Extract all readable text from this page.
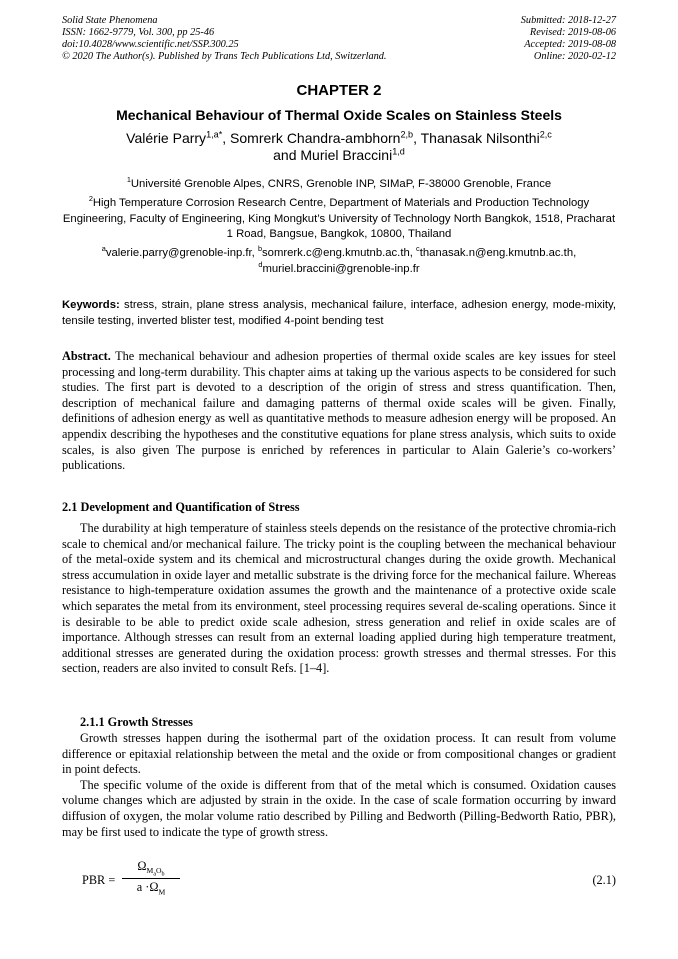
Solid State Phenomena
ISSN: 1662-9779, Vol. 300, pp 25-46
doi:10.4028/www.scientific.net/SSP.300.25
© 2020 The Author(s). Published by Trans Tech Publications Ltd, Switzerland.
Submitted: 2018-12-27
Revised: 2019-08-06
Accepted: 2019-08-08
Online: 2020-02-12
CHAPTER 2
Mechanical Behaviour of Thermal Oxide Scales on Stainless Steels
Valérie Parry$^{1,a*}$, Somrerk Chandra-ambhorn$^{2,b}$, Thanasak Nilsonthi$^{2,c}$
and Muriel Braccini$^{1,d}$
$^1$Université Grenoble Alpes, CNRS, Grenoble INP, SIMaP, F-38000 Grenoble, France
$^2$High Temperature Corrosion Research Centre, Department of Materials and Production Technology Engineering, Faculty of Engineering, King Mongkut’s University of Technology North Bangkok, 1518, Pracharat 1 Road, Bangsue, Bangkok, 10800, Thailand
$^a$valerie.parry@grenoble-inp.fr, $^b$somrerk.c@eng.kmutnb.ac.th, $^c$thanasak.n@eng.kmutnb.ac.th,
$^d$muriel.braccini@grenoble-inp.fr
Keywords: stress, strain, plane stress analysis, mechanical failure, interface, adhesion energy, mode-mixity, tensile testing, inverted blister test, modified 4-point bending test

Abstract. The mechanical behaviour and adhesion properties of thermal oxide scales are key issues for steel processing and long-term durability. This chapter aims at taking up the various aspects to be considered for such studies. The first part is devoted to a description of the origin of stress and stress quantification. Then, description of mechanical failure and damaging patterns of thermal oxide scales will be given. Finally, definitions of adhesion energy as well as quantitative methods to measure adhesion energy will be proposed. An appendix describing the hypotheses and the constitutive equations for plane stress analysis, which suits to oxide scales, is also given The purpose is enriched by references in particular to Alain Galerie’s co-workers’ publications.

2.1 Development and Quantification of Stress

The durability at high temperature of stainless steels depends on the resistance of the protective chromia-rich scale to chemical and/or mechanical failure. The tricky point is the coupling between the mechanical behaviour of the metal-oxide system and its chemical and microstructural changes during the oxide growth. Mechanical stress accumulation in oxide layer and metallic substrate is the driving force for the mechanical failure. Whereas resistance to high-temperature oxidation assumes the growth and the maintenance of a protective oxide scale which separates the metal from its environment, steel processing requires several de-scaling operations. Since it is desirable to be able to predict oxide scale adhesion, stress generation and relief in oxide scales are of importance. Although stresses can result from an external loading applied during high temperature treatment, additional stresses are generated during the oxidation process: growth stresses and thermal stresses. For this section, readers are also invited to consult Refs. [1–4].

2.1.1 Growth Stresses

Growth stresses happen during the isothermal part of the oxidation process. It can result from volume difference or epitaxial relationship between the metal and the oxide or from compositional changes or gradient in point defects.

The specific volume of the oxide is different from that of the metal which is consumed. Oxidation causes volume changes which are adjusted by strain in the oxide. In the case of scale formation occurring by inward diffusion of oxygen, the molar volume ratio described by Pilling and Bedworth (Pilling-Bedworth Ratio, PBR), may be first used to indicate the type of growth stress.

PBR =
$\Omega_{M_aO_b}$
$a \cdot\Omega_M$
(2.1)
